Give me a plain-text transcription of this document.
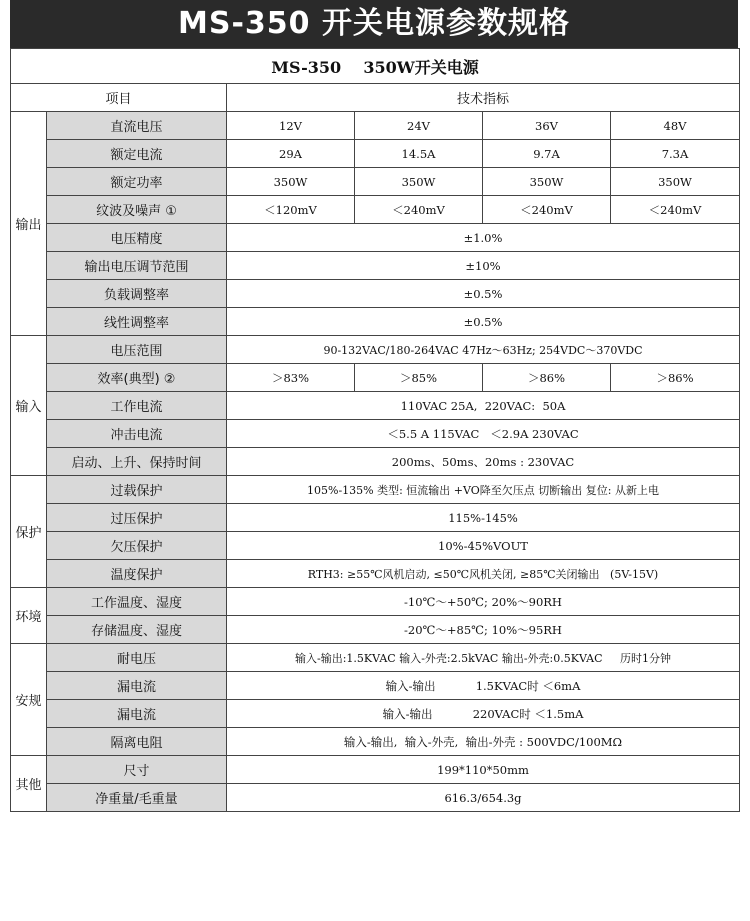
MS-350 开关电源参数规格
MS-350    350W开关电源					
项目		技术指标			
输出	直流电压	12V	24V	36V	48V
	额定电流	29A	14.5A	9.7A	7.3A
	额定功率	350W	350W	350W	350W
	纹波及噪声 ①	＜120mV	＜240mV	＜240mV	＜240mV
	电压精度	±1.0%			
	输出电压调节范围	±10%			
	负载调整率	±0.5%			
	线性调整率	±0.5%			
输入	电压范围	90-132VAC/180-264VAC 47Hz～63Hz; 254VDC～370VDC			
	效率(典型) ②	＞83%	＞85%	＞86%	＞86%
	工作电流	110VAC 25A,  220VAC:  50A			
	冲击电流	＜5.5 A 115VAC   ＜2.9A 230VAC			
	启动、上升、保持时间	200ms、50ms、20ms : 230VAC			
保护	过载保护	105%-135% 类型: 恒流输出 +VO降至欠压点 切断输出 复位: 从新上电			
	过压保护	115%-145%			
	欠压保护	10%-45%VOUT			
	温度保护	RTH3: ≥55℃风机启动, ≤50℃风机关闭, ≥85℃关闭输出   (5V-15V)			
环境	工作温度、湿度	-10℃～+50℃; 20%～90RH			
	存储温度、湿度	-20℃～+85℃; 10%～95RH			
安规	耐电压	输入-输出:1.5KVAC 输入-外壳:2.5kVAC 输出-外壳:0.5KVAC     历时1分钟			
	漏电流	输入-输出           1.5KVAC时 ＜6mA			
	漏电流	输入-输出           220VAC时 ＜1.5mA			
	隔离电阻	输入-输出,  输入-外壳,  输出-外壳 : 500VDC/100MΩ			
其他	尺寸	199*110*50mm			
	净重量/毛重量	616.3/654.3g			
